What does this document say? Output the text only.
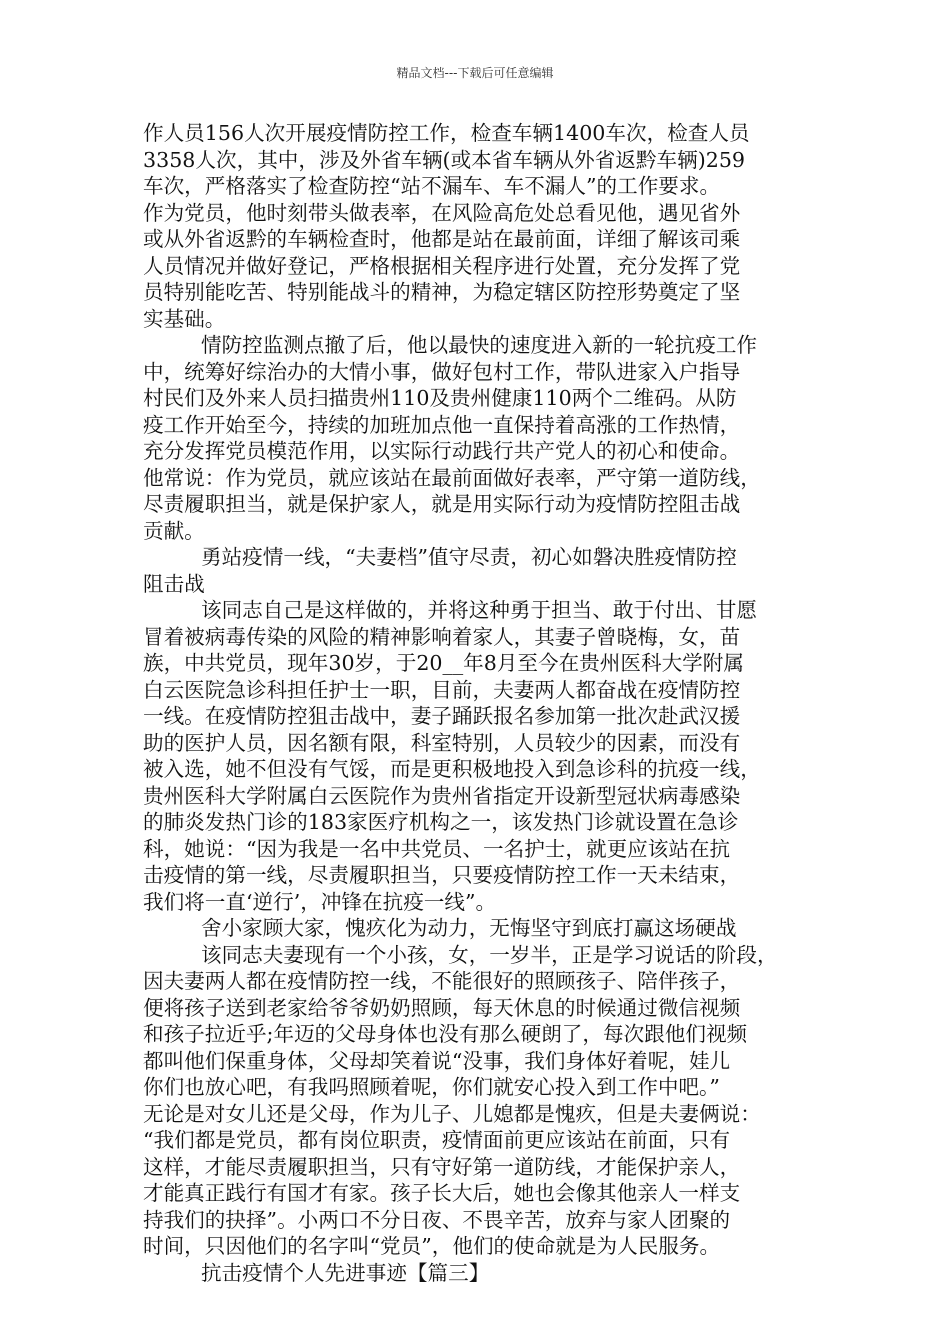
精品文档---下载后可任意编辑
作人员156人次开展疫情防控工作，检查车辆1400车次，检查人员
3358人次，其中，涉及外省车辆(或本省车辆从外省返黔车辆)259
车次，严格落实了检查防控“站不漏车、车不漏人”的工作要求。
作为党员，他时刻带头做表率，在风险高危处总看见他，遇见省外
或从外省返黔的车辆检查时，他都是站在最前面，详细了解该司乘
人员情况并做好登记，严格根据相关程序进行处置，充分发挥了党
员特别能吃苦、特别能战斗的精神，为稳定辖区防控形势奠定了坚
实基础。
情防控监测点撤了后，他以最快的速度进入新的一轮抗疫工作
中，统筹好综治办的大情小事，做好包村工作，带队进家入户指导
村民们及外来人员扫描贵州110及贵州健康110两个二维码。从防
疫工作开始至今，持续的加班加点他一直保持着高涨的工作热情，
充分发挥党员模范作用，以实际行动践行共产党人的初心和使命。
他常说：作为党员，就应该站在最前面做好表率，严守第一道防线，
尽责履职担当，就是保护家人，就是用实际行动为疫情防控阻击战
贡献。
勇站疫情一线，“夫妻档”值守尽责，初心如磐决胜疫情防控
阻击战
该同志自己是这样做的，并将这种勇于担当、敢于付出、甘愿
冒着被病毒传染的风险的精神影响着家人，其妻子曾晓梅，女，苗
族，中共党员，现年30岁，于20__年8月至今在贵州医科大学附属
白云医院急诊科担任护士一职，目前，夫妻两人都奋战在疫情防控
一线。在疫情防控狙击战中，妻子踊跃报名参加第一批次赴武汉援
助的医护人员，因名额有限，科室特别，人员较少的因素，而没有
被入选，她不但没有气馁，而是更积极地投入到急诊科的抗疫一线，
贵州医科大学附属白云医院作为贵州省指定开设新型冠状病毒感染
的肺炎发热门诊的183家医疗机构之一，该发热门诊就设置在急诊
科，她说：“因为我是一名中共党员、一名护士，就更应该站在抗
击疫情的第一线，尽责履职担当，只要疫情防控工作一天未结束，
我们将一直‘逆行’，冲锋在抗疫一线”。
舍小家顾大家，愧疚化为动力，无悔坚守到底打赢这场硬战
该同志夫妻现有一个小孩，女，一岁半，正是学习说话的阶段，
因夫妻两人都在疫情防控一线，不能很好的照顾孩子、陪伴孩子，
便将孩子送到老家给爷爷奶奶照顾，每天休息的时候通过微信视频
和孩子拉近乎;年迈的父母身体也没有那么硬朗了，每次跟他们视频
都叫他们保重身体，父母却笑着说“没事，我们身体好着呢，娃儿
你们也放心吧，有我吗照顾着呢，你们就安心投入到工作中吧。”
无论是对女儿还是父母，作为儿子、儿媳都是愧疚，但是夫妻俩说：
“我们都是党员，都有岗位职责，疫情面前更应该站在前面，只有
这样，才能尽责履职担当，只有守好第一道防线，才能保护亲人，
才能真正践行有国才有家。孩子长大后，她也会像其他亲人一样支
持我们的抉择”。小两口不分日夜、不畏辛苦，放弃与家人团聚的
时间，只因他们的名字叫“党员”，他们的使命就是为人民服务。
抗击疫情个人先进事迹【篇三】
